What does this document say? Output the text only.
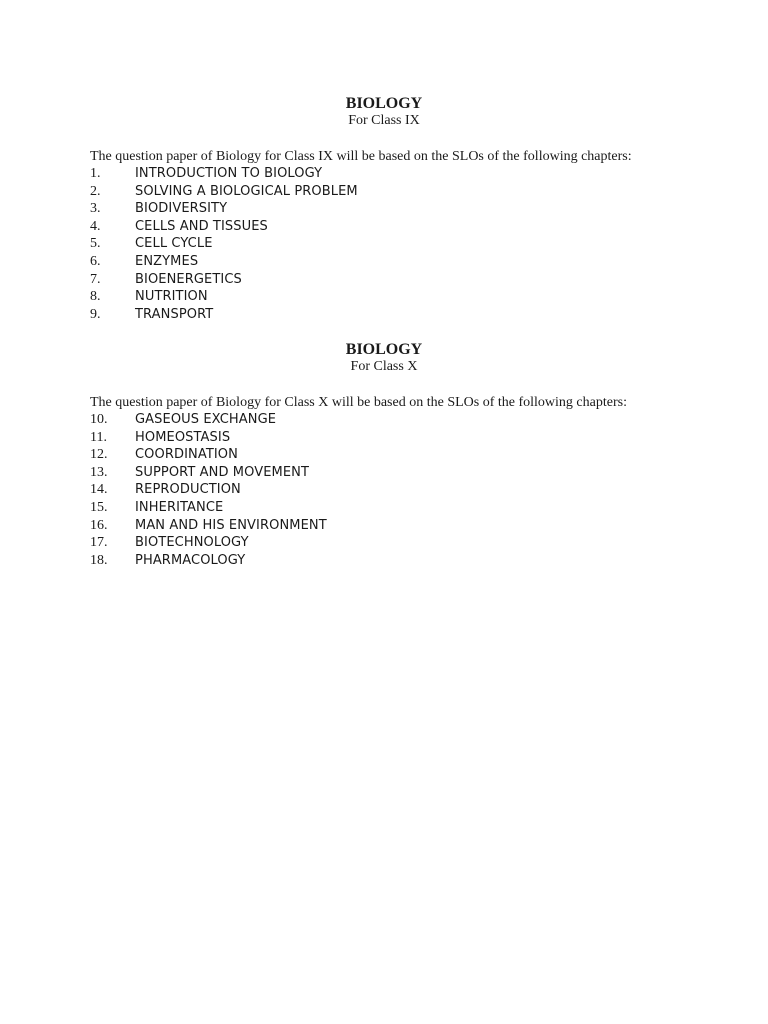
BIOLOGY

For Class IX

The question paper of Biology for Class IX will be based on the SLOs of the following chapters:

1.	INTRODUCTION TO BIOLOGY
2.	SOLVING A BIOLOGICAL PROBLEM
3.	BIODIVERSITY
4.	CELLS AND TISSUES
5.	CELL CYCLE
6.	ENZYMES
7.	BIOENERGETICS
8.	NUTRITION
9.	TRANSPORT
BIOLOGY

For Class X

The question paper of Biology for Class X will be based on the SLOs of the following chapters:

10.	GASEOUS EXCHANGE
11.	HOMEOSTASIS
12.	COORDINATION
13.	SUPPORT AND MOVEMENT
14.	REPRODUCTION
15.	INHERITANCE
16.	MAN AND HIS ENVIRONMENT
17.	BIOTECHNOLOGY
18.	PHARMACOLOGY
